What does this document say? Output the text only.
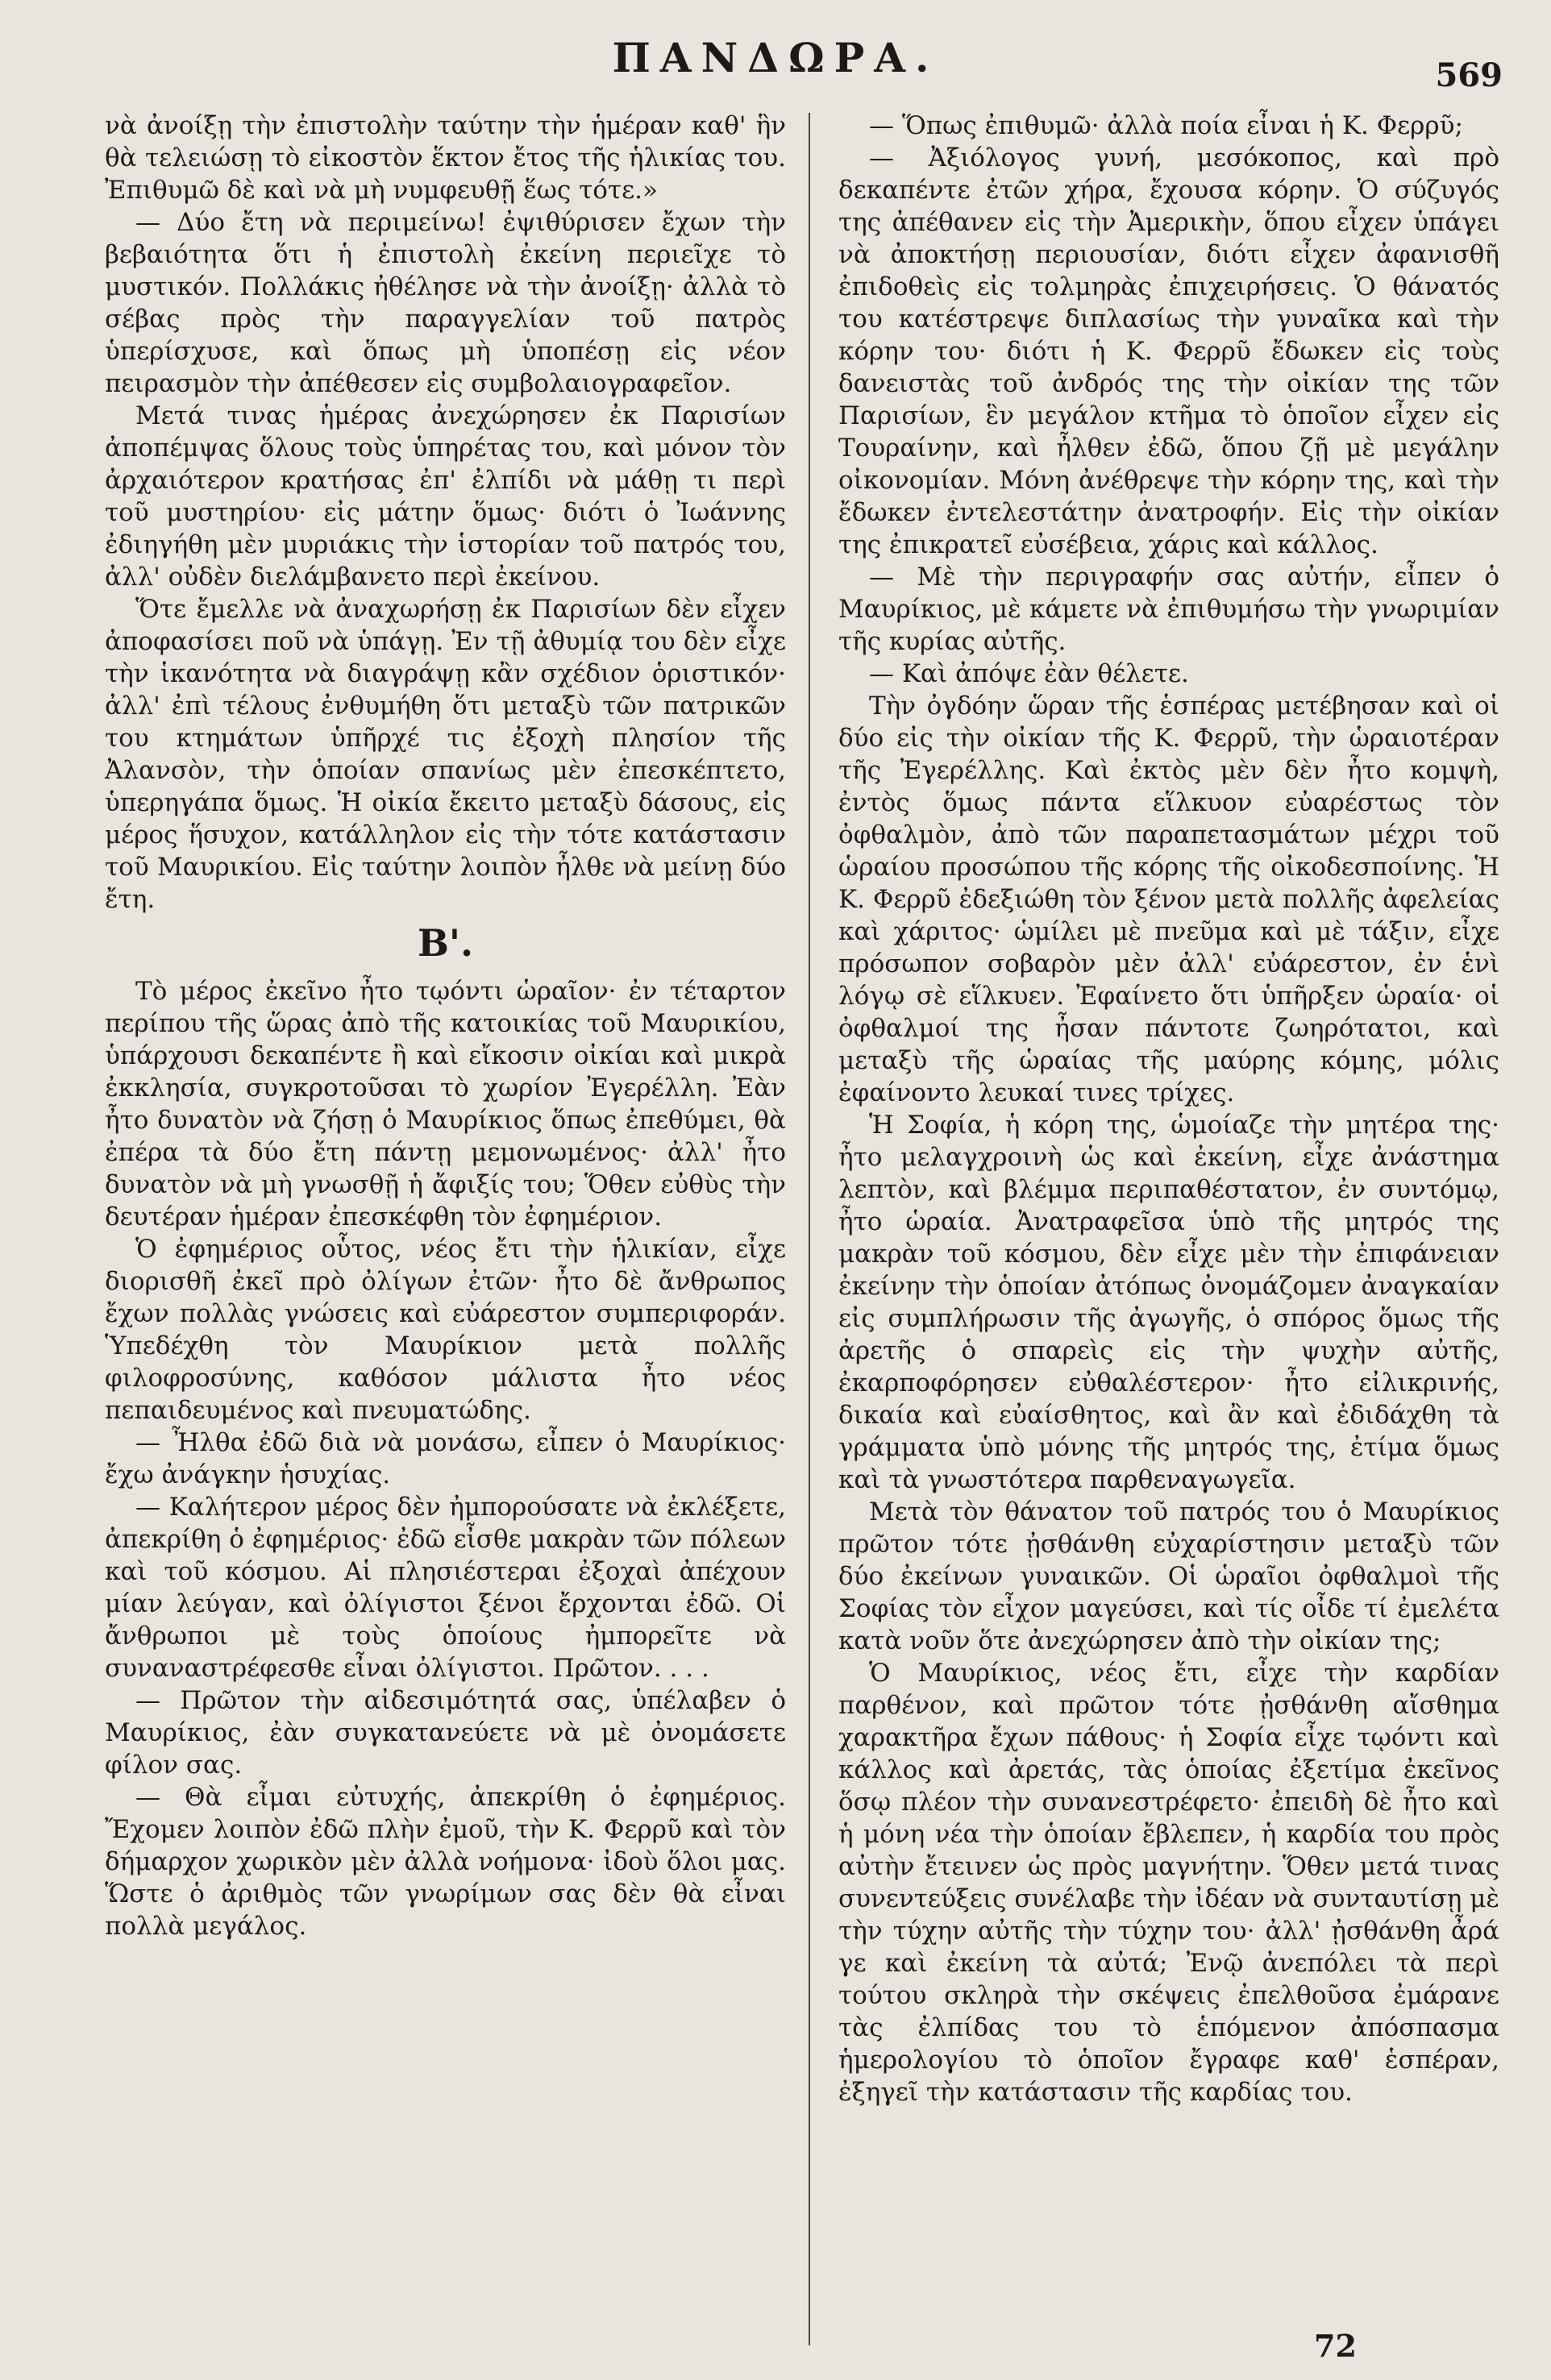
ΠΑΝΔΩΡΑ.	569

νὰ ἀνοίξῃ τὴν ἐπιστολὴν ταύτην τὴν ἡμέραν καθ' ἣν θὰ τελειώσῃ τὸ εἰκοστὸν ἕκτον ἔτος τῆς ἡλικίας του. Ἐπιθυμῶ δὲ καὶ νὰ μὴ νυμφευθῇ ἕως τότε.»

— Δύο ἔτη νὰ περιμείνω! ἐψιθύρισεν ἔχων τὴν βεβαιότητα ὅτι ἡ ἐπιστολὴ ἐκείνη περιεῖχε τὸ μυστικόν. Πολλάκις ἠθέλησε νὰ τὴν ἀνοίξῃ· ἀλλὰ τὸ σέβας πρὸς τὴν παραγγελίαν τοῦ πατρὸς ὑπερίσχυσε, καὶ ὅπως μὴ ὑποπέσῃ εἰς νέον πειρασμὸν τὴν ἀπέθεσεν εἰς συμβολαιογραφεῖον.

Μετά τινας ἡμέρας ἀνεχώρησεν ἐκ Παρισίων ἀποπέμψας ὅλους τοὺς ὑπηρέτας του, καὶ μόνον τὸν ἀρχαιότερον κρατήσας ἐπ' ἐλπίδι νὰ μάθῃ τι περὶ τοῦ μυστηρίου· εἰς μάτην ὅμως· διότι ὁ Ἰωάννης ἐδιηγήθη μὲν μυριάκις τὴν ἱστορίαν τοῦ πατρός του, ἀλλ' οὐδὲν διελάμβανετο περὶ ἐκείνου.

Ὅτε ἔμελλε νὰ ἀναχωρήσῃ ἐκ Παρισίων δὲν εἶχεν ἀποφασίσει ποῦ νὰ ὑπάγῃ. Ἐν τῇ ἀθυμίᾳ του δὲν εἶχε τὴν ἱκανότητα νὰ διαγράψῃ κἂν σχέδιον ὁριστικόν· ἀλλ' ἐπὶ τέλους ἐνθυμήθη ὅτι μεταξὺ τῶν πατρικῶν του κτημάτων ὑπῆρχέ τις ἐξοχὴ πλησίον τῆς Ἀλανσὸν, τὴν ὁποίαν σπανίως μὲν ἐπεσκέπτετο, ὑπερηγάπα ὅμως. Ἡ οἰκία ἔκειτο μεταξὺ δάσους, εἰς μέρος ἥσυχον, κατάλληλον εἰς τὴν τότε κατάστασιν τοῦ Μαυρικίου. Εἰς ταύτην λοιπὸν ἦλθε νὰ μείνῃ δύο ἔτη.

Β'.

Τὸ μέρος ἐκεῖνο ἦτο τῳόντι ὡραῖον· ἐν τέταρτον περίπου τῆς ὥρας ἀπὸ τῆς κατοικίας τοῦ Μαυρικίου, ὑπάρχουσι δεκαπέντε ἢ καὶ εἴκοσιν οἰκίαι καὶ μικρὰ ἐκκλησία, συγκροτοῦσαι τὸ χωρίον Ἐγερέλλη. Ἐὰν ἦτο δυνατὸν νὰ ζήσῃ ὁ Μαυρίκιος ὅπως ἐπεθύμει, θὰ ἐπέρα τὰ δύο ἔτη πάντῃ μεμονωμένος· ἀλλ' ἦτο δυνατὸν νὰ μὴ γνωσθῇ ἡ ἄφιξίς του; Ὅθεν εὐθὺς τὴν δευτέραν ἡμέραν ἐπεσκέφθη τὸν ἐφημέριον.

Ὁ ἐφημέριος οὗτος, νέος ἔτι τὴν ἡλικίαν, εἶχε διορισθῆ ἐκεῖ πρὸ ὀλίγων ἐτῶν· ἦτο δὲ ἄνθρωπος ἔχων πολλὰς γνώσεις καὶ εὐάρεστον συμπεριφοράν. Ὑπεδέχθη τὸν Μαυρίκιον μετὰ πολλῆς φιλοφροσύνης, καθόσον μάλιστα ἦτο νέος πεπαιδευμένος καὶ πνευματώδης.

— Ἦλθα ἐδῶ διὰ νὰ μονάσω, εἶπεν ὁ Μαυρίκιος· ἔχω ἀνάγκην ἡσυχίας.

— Καλήτερον μέρος δὲν ἠμπορούσατε νὰ ἐκλέξετε, ἀπεκρίθη ὁ ἐφημέριος· ἐδῶ εἶσθε μακρὰν τῶν πόλεων καὶ τοῦ κόσμου. Αἱ πλησιέστεραι ἐξοχαὶ ἀπέχουν μίαν λεύγαν, καὶ ὀλίγιστοι ξένοι ἔρχονται ἐδῶ. Οἱ ἄνθρωποι μὲ τοὺς ὁποίους ἠμπορεῖτε νὰ συναναστρέφεσθε εἶναι ὀλίγιστοι. Πρῶτον. . . .

— Πρῶτον τὴν αἰδεσιμότητά σας, ὑπέλαβεν ὁ Μαυρίκιος, ἐὰν συγκατανεύετε νὰ μὲ ὀνομάσετε φίλον σας.

— Θὰ εἶμαι εὐτυχής, ἀπεκρίθη ὁ ἐφημέριος. Ἔχομεν λοιπὸν ἐδῶ πλὴν ἐμοῦ, τὴν Κ. Φερρῦ καὶ τὸν δήμαρχον χωρικὸν μὲν ἀλλὰ νοήμονα· ἰδοὺ ὅλοι μας. Ὥστε ὁ ἀριθμὸς τῶν γνωρίμων σας δὲν θὰ εἶναι πολλὰ μεγάλος.

— Ὅπως ἐπιθυμῶ· ἀλλὰ ποία εἶναι ἡ Κ. Φερρῦ;

— Ἀξιόλογος γυνή, μεσόκοπος, καὶ πρὸ δεκαπέντε ἐτῶν χήρα, ἔχουσα κόρην. Ὁ σύζυγός της ἀπέθανεν εἰς τὴν Ἀμερικὴν, ὅπου εἶχεν ὑπάγει νὰ ἀποκτήσῃ περιουσίαν, διότι εἶχεν ἀφανισθῆ ἐπιδοθεὶς εἰς τολμηρὰς ἐπιχειρήσεις. Ὁ θάνατός του κατέστρεψε διπλασίως τὴν γυναῖκα καὶ τὴν κόρην του· διότι ἡ Κ. Φερρῦ ἔδωκεν εἰς τοὺς δανειστὰς τοῦ ἀνδρός της τὴν οἰκίαν της τῶν Παρισίων, ἓν μεγάλον κτῆμα τὸ ὁποῖον εἶχεν εἰς Τουραίνην, καὶ ἦλθεν ἐδῶ, ὅπου ζῇ μὲ μεγάλην οἰκονομίαν. Μόνη ἀνέθρεψε τὴν κόρην της, καὶ τὴν ἔδωκεν ἐντελεστάτην ἀνατροφήν. Εἰς τὴν οἰκίαν της ἐπικρατεῖ εὐσέβεια, χάρις καὶ κάλλος.

— Μὲ τὴν περιγραφήν σας αὐτήν, εἶπεν ὁ Μαυρίκιος, μὲ κάμετε νὰ ἐπιθυμήσω τὴν γνωριμίαν τῆς κυρίας αὐτῆς.

— Καὶ ἀπόψε ἐὰν θέλετε.

Τὴν ὀγδόην ὥραν τῆς ἑσπέρας μετέβησαν καὶ οἱ δύο εἰς τὴν οἰκίαν τῆς Κ. Φερρῦ, τὴν ὡραιοτέραν τῆς Ἐγερέλλης. Καὶ ἐκτὸς μὲν δὲν ἦτο κομψὴ, ἐντὸς ὅμως πάντα εἵλκυον εὐαρέστως τὸν ὀφθαλμὸν, ἀπὸ τῶν παραπετασμάτων μέχρι τοῦ ὡραίου προσώπου τῆς κόρης τῆς οἰκοδεσποίνης. Ἡ Κ. Φερρῦ ἐδεξιώθη τὸν ξένον μετὰ πολλῆς ἀφελείας καὶ χάριτος· ὡμίλει μὲ πνεῦμα καὶ μὲ τάξιν, εἶχε πρόσωπον σοβαρὸν μὲν ἀλλ' εὐάρεστον, ἐν ἑνὶ λόγῳ σὲ εἵλκυεν. Ἐφαίνετο ὅτι ὑπῆρξεν ὡραία· οἱ ὀφθαλμοί της ἦσαν πάντοτε ζωηρότατοι, καὶ μεταξὺ τῆς ὡραίας τῆς μαύρης κόμης, μόλις ἐφαίνοντο λευκαί τινες τρίχες.

Ἡ Σοφία, ἡ κόρη της, ὡμοίαζε τὴν μητέρα της· ἦτο μελαγχροινὴ ὡς καὶ ἐκείνη, εἶχε ἀνάστημα λεπτὸν, καὶ βλέμμα περιπαθέστατον, ἐν συντόμῳ, ἦτο ὡραία. Ἀνατραφεῖσα ὑπὸ τῆς μητρός της μακρὰν τοῦ κόσμου, δὲν εἶχε μὲν τὴν ἐπιφάνειαν ἐκείνην τὴν ὁποίαν ἀτόπως ὀνομάζομεν ἀναγκαίαν εἰς συμπλήρωσιν τῆς ἀγωγῆς, ὁ σπόρος ὅμως τῆς ἀρετῆς ὁ σπαρεὶς εἰς τὴν ψυχὴν αὐτῆς, ἐκαρποφόρησεν εὐθαλέστερον· ἦτο εἰλικρινής, δικαία καὶ εὐαίσθητος, καὶ ἂν καὶ ἐδιδάχθη τὰ γράμματα ὑπὸ μόνης τῆς μητρός της, ἐτίμα ὅμως καὶ τὰ γνωστότερα παρθεναγωγεῖα.

Μετὰ τὸν θάνατον τοῦ πατρός του ὁ Μαυρίκιος πρῶτον τότε ᾐσθάνθη εὐχαρίστησιν μεταξὺ τῶν δύο ἐκείνων γυναικῶν. Οἱ ὡραῖοι ὀφθαλμοὶ τῆς Σοφίας τὸν εἶχον μαγεύσει, καὶ τίς οἶδε τί ἐμελέτα κατὰ νοῦν ὅτε ἀνεχώρησεν ἀπὸ τὴν οἰκίαν της;

Ὁ Μαυρίκιος, νέος ἔτι, εἶχε τὴν καρδίαν παρθένον, καὶ πρῶτον τότε ᾐσθάνθη αἴσθημα χαρακτῆρα ἔχων πάθους· ἡ Σοφία εἶχε τῳόντι καὶ κάλλος καὶ ἀρετάς, τὰς ὁποίας ἐξετίμα ἐκεῖνος ὅσῳ πλέον τὴν συνανεστρέφετο· ἐπειδὴ δὲ ἦτο καὶ ἡ μόνη νέα τὴν ὁποίαν ἔβλεπεν, ἡ καρδία του πρὸς αὐτὴν ἔτεινεν ὡς πρὸς μαγνήτην. Ὅθεν μετά τινας συνεντεύξεις συνέλαβε τὴν ἰδέαν νὰ συνταυτίσῃ μὲ τὴν τύχην αὐτῆς τὴν τύχην του· ἀλλ' ᾐσθάνθη ἆρά γε καὶ ἐκείνη τὰ αὐτά; Ἐνῷ ἀνεπόλει τὰ περὶ τούτου σκληρὰ τὴν σκέψεις ἐπελθοῦσα ἐμάρανε τὰς ἐλπίδας του τὸ ἑπόμενον ἀπόσπασμα ἡμερολογίου τὸ ὁποῖον ἔγραφε καθ' ἑσπέραν, ἐξηγεῖ τὴν κατάστασιν τῆς καρδίας του.

72
